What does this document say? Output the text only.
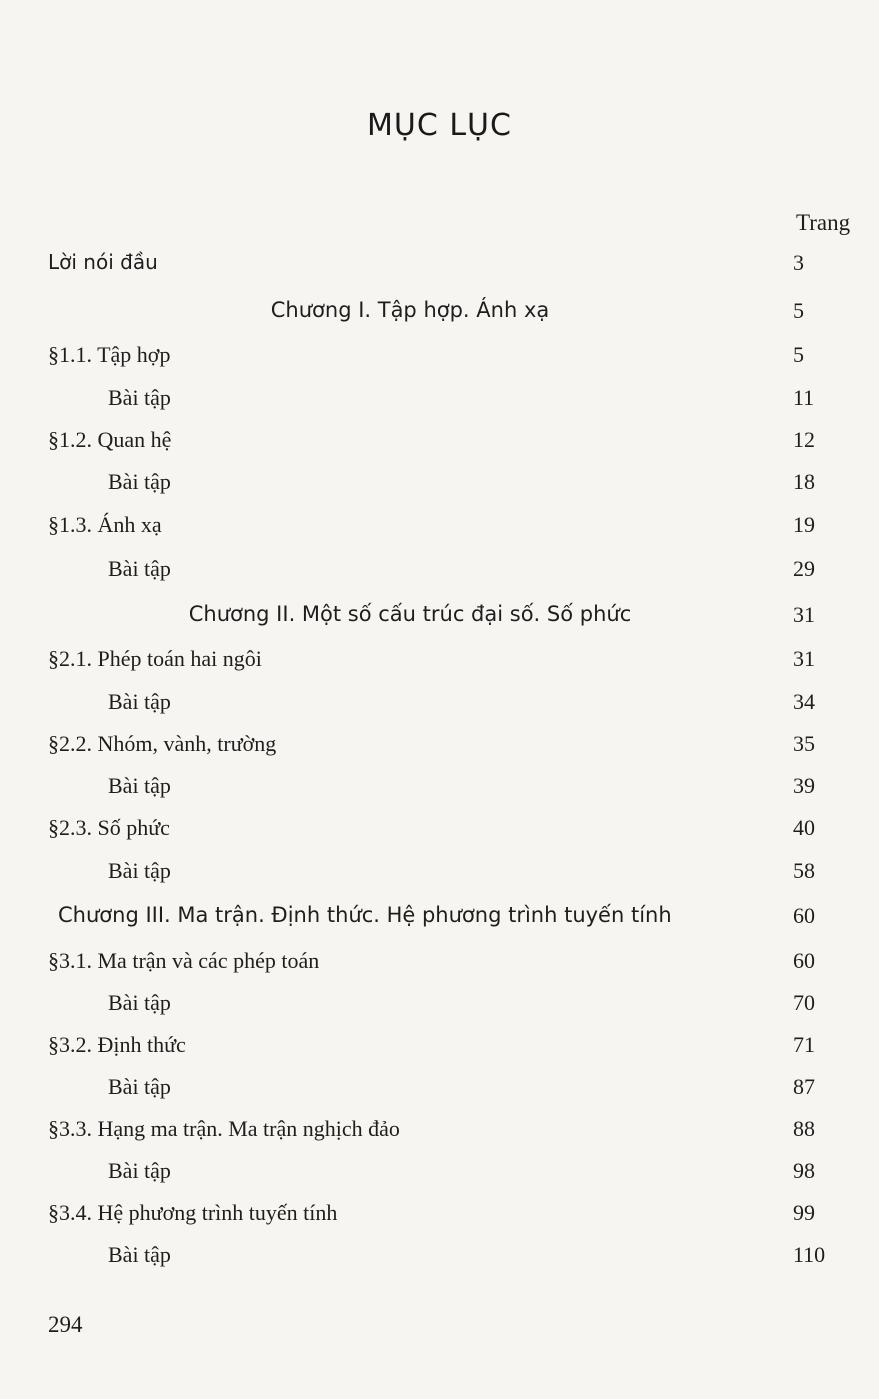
MỤC LỤC
Trang
Lời nói đầu	3
Chương I. Tập hợp. Ánh xạ	5
§1.1. Tập hợp	5
Bài tập	11
§1.2. Quan hệ	12
Bài tập	18
§1.3. Ánh xạ	19
Bài tập	29
Chương II. Một số cấu trúc đại số. Số phức	31
§2.1. Phép toán hai ngôi	31
Bài tập	34
§2.2. Nhóm, vành, trường	35
Bài tập	39
§2.3. Số phức	40
Bài tập	58
Chương III. Ma trận. Định thức. Hệ phương trình tuyến tính	60
§3.1. Ma trận và các phép toán	60
Bài tập	70
§3.2. Định thức	71
Bài tập	87
§3.3. Hạng ma trận. Ma trận nghịch đảo	88
Bài tập	98
§3.4. Hệ phương trình tuyến tính	99
Bài tập	110
294
